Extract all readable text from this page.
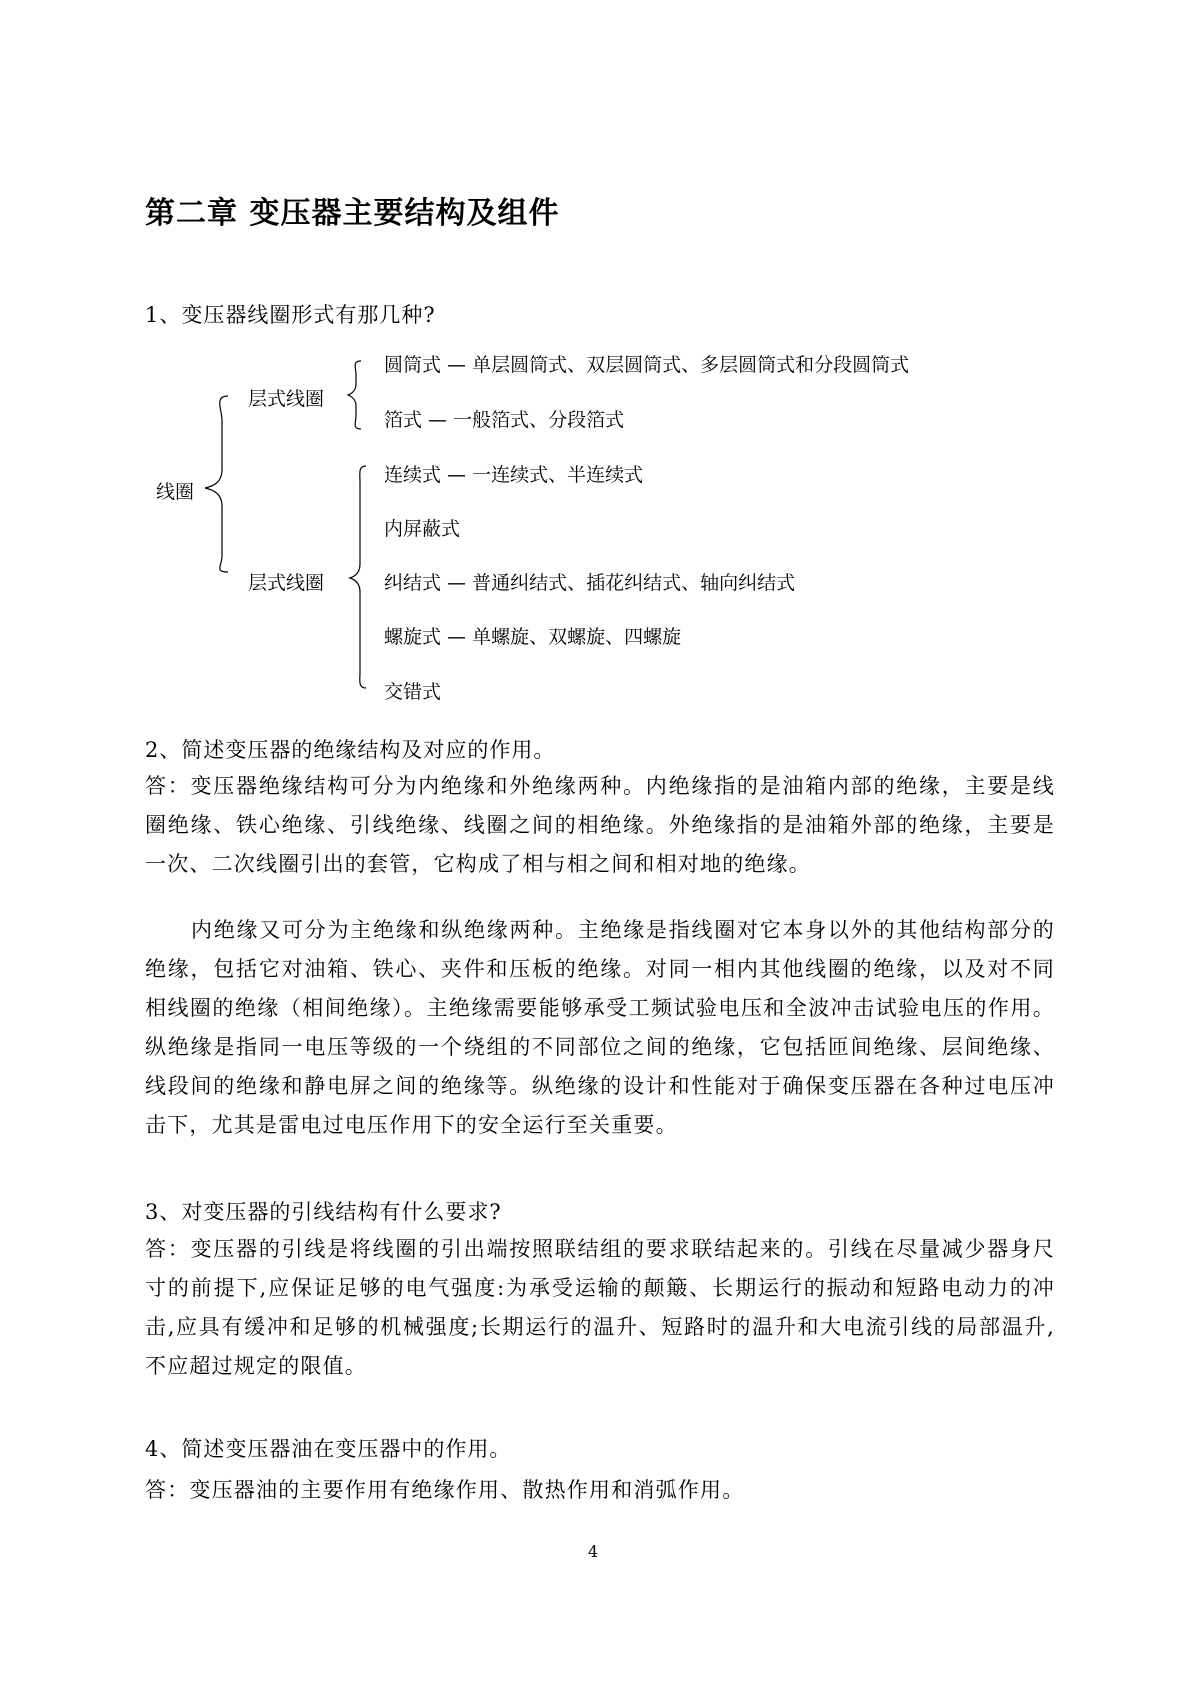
第二章 变压器主要结构及组件
1、变压器线圈形式有那几种?
线圈
层式线圈
层式线圈
圆筒式 — 单层圆筒式、双层圆筒式、多层圆筒式和分段圆筒式
箔式 — 一般箔式、分段箔式
连续式 — 一连续式、半连续式
内屏蔽式
纠结式 — 普通纠结式、插花纠结式、轴向纠结式
螺旋式 — 单螺旋、双螺旋、四螺旋
交错式
2、简述变压器的绝缘结构及对应的作用。
答：变压器绝缘结构可分为内绝缘和外绝缘两种。内绝缘指的是油箱内部的绝缘，主要是线圈绝缘、铁心绝缘、引线绝缘、线圈之间的相绝缘。外绝缘指的是油箱外部的绝缘，主要是一次、二次线圈引出的套管，它构成了相与相之间和相对地的绝缘。
内绝缘又可分为主绝缘和纵绝缘两种。主绝缘是指线圈对它本身以外的其他结构部分的绝缘，包括它对油箱、铁心、夹件和压板的绝缘。对同一相内其他线圈的绝缘，以及对不同相线圈的绝缘（相间绝缘）。主绝缘需要能够承受工频试验电压和全波冲击试验电压的作用。纵绝缘是指同一电压等级的一个绕组的不同部位之间的绝缘，它包括匝间绝缘、层间绝缘、线段间的绝缘和静电屏之间的绝缘等。纵绝缘的设计和性能对于确保变压器在各种过电压冲击下，尤其是雷电过电压作用下的安全运行至关重要。
3、对变压器的引线结构有什么要求?
答：变压器的引线是将线圈的引出端按照联结组的要求联结起来的。引线在尽量减少器身尺寸的前提下,应保证足够的电气强度:为承受运输的颠簸、长期运行的振动和短路电动力的冲击,应具有缓冲和足够的机械强度;长期运行的温升、短路时的温升和大电流引线的局部温升,不应超过规定的限值。
4、简述变压器油在变压器中的作用。
答：变压器油的主要作用有绝缘作用、散热作用和消弧作用。
4
